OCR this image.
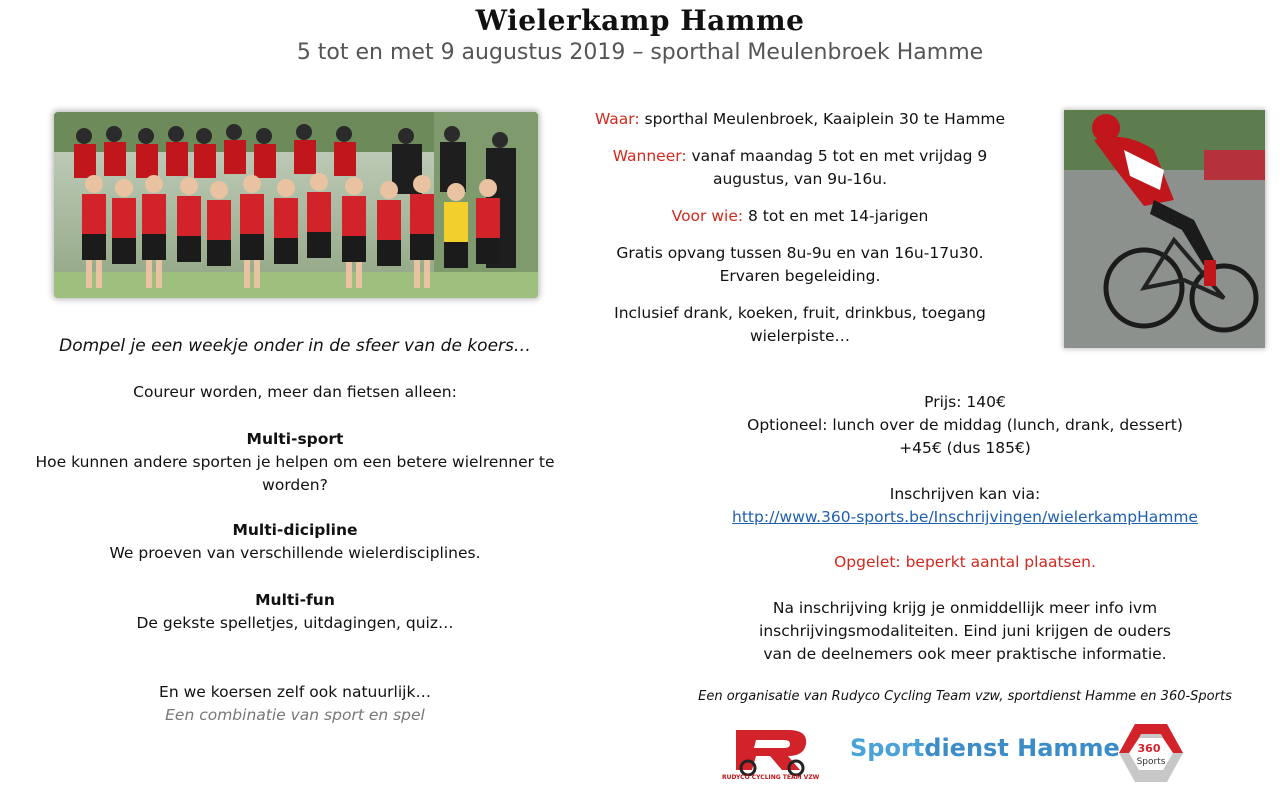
Wielerkamp Hamme
5 tot en met 9 augustus 2019 – sporthal Meulenbroek Hamme
Dompel je een weekje onder in de sfeer van de koers…
Coureur worden, meer dan fietsen alleen:
Multi-sport
Hoe kunnen andere sporten je helpen om een betere wielrenner te worden?
Multi-dicipline
We proeven van verschillende wielerdisciplines.
Multi-fun
De gekste spelletjes, uitdagingen, quiz…
En we koersen zelf ook natuurlijk…
Een combinatie van sport en spel

Waar: sporthal Meulenbroek, Kaaiplein 30 te Hamme

Wanneer: vanaf maandag 5 tot en met vrijdag 9 augustus, van 9u-16u.

Voor wie: 8 tot en met 14-jarigen

Gratis opvang tussen 8u-9u en van 16u-17u30.
Ervaren begeleiding.

Inclusief drank, koeken, fruit, drinkbus, toegang wielerpiste…

Prijs: 140€
Optioneel: lunch over de middag (lunch, drank, dessert)
+45€ (dus 185€)
Inschrijven kan via:
http://www.360-sports.be/Inschrijvingen/wielerkampHamme
Opgelet: beperkt aantal plaatsen.
Na inschrijving krijg je onmiddellijk meer info ivm inschrijvingsmodaliteiten. Eind juni krijgen de ouders van de deelnemers ook meer praktische informatie.
Een organisatie van Rudyco Cycling Team vzw, sportdienst Hamme en 360-Sports
RUDYCO CYCLING TEAM VZW
Sportdienst Hamme 360
Sports
